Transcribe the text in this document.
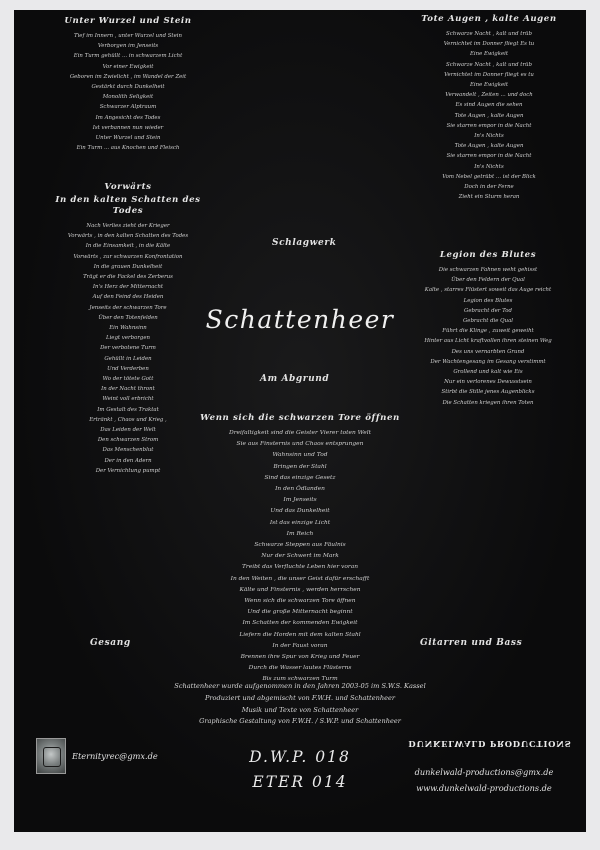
Unter Wurzel und Stein
Tief im Innern , unter Wurzel und Stein
Verborgen im Jenseits
Ein Turm gehüllt ... in schwarzem Licht
Vor einer Ewigkeit
Geboren im Zwielicht , im Wandel der Zeit
Gestärkt durch Dunkelheit
Monolith Seligkeit
Schwarzer Alptraum
Im Angesicht des Todes
Ist verbannen nun wieder
Unter Wurzel und Stein
Ein Turm ... aus Knochen und Fleisch
Vorwärts
In den kalten Schatten des Todes
Nach Verlies zieht der Krieger
Vorwärts , in den kalten Schatten des Todes
In die Einsamkeit , in die Kälte
Vorwärts , zur schwarzen Konfrontation
In die grauen Dunkelheit
Trägt er die Fackel des Zerberus
In's Herz der Mitternacht
Auf den Feind des Heiden
Jenseits der schwarzen Tore
Über den Totenfelden
Ein Wahnsinn
Liegt verborgen
Der verbotene Turm
Gehüllt in Leiden
Und Verderben
Wo der tötete Gott
In der Nacht thront
Weint voll erbricht
Im Gestalt des Traktat
Ertränkt , Chaos und Krieg ,
Das Leiden der Welt
Den schwarzen Strom
Das Menschenblut
Der in den Adern
Der Vernichtung pumpt
Tote Augen , kalte Augen
Schwarze Nacht , kalt und trüb
Vernichtet im Donner fliegt Es tu
Eine Ewigkeit
Schwarze Nacht , kalt und trüb
Vernichtet im Donner fliegt es tu
Eine Ewigkeit
Verwandelt , Zeiten ... und doch
Es sind Augen die sehen
Tote Augen , kalte Augen
Sie starren empor in die Nacht
In's Nichts
Tote Augen , kalte Augen
Sie starren empor in die Nacht
In's Nichts
Vom Nebel getrübt ... ist der Blick
Doch in der Ferne
Zieht ein Sturm heran
Legion des Blutes
Die schwarzen Fahnen weht gehisst
Über den Feldern der Qual
Kalte , starres Flüstert soweit das Auge reicht
Legion des Blutes
Gebracht der Tod
Gebracht die Qual
Führt die Klinge , zuweit geweiht
Hinter aus Licht kraftvollen ihren steinen Weg
Des uns vernarbten Grund
Der Wachtengesang im Gesang verstimmt
Grollend und kalt wie Eis
Nur ein verlorenes Dewusstsein
Stirbt die Stille jenes Augenblicks
Die Schatten kriegen ihren Toten
Schlagwerk
Schattenheer
Am Abgrund
Wenn sich die schwarzen Tore öffnen
Dreifaltigkeit sind die Geister Vierer toten Welt
Sie aus Finsternis und Chaos entsprungen
Wahnsinn und Tod
Bringen der Stahl
Sind das einzige Gesetz
In den Ödlanden
Im Jenseits
Und das Dunkelheit
Ist das einzige Licht
Im Reich
Schwarze Steppen aus Fäulnis
Nur der Schwert im Mark
Treibt das Verfluchte Leben hier voran
In den Weiten , die unser Geist dafür erschafft
Kälte und Finsternis , werden herrschen
Wenn sich die schwarzen Tore öffnen
Und die große Mitternacht beginnt
Im Schatten der kommenden Ewigkeit
Liefern die Horden mit dem kalten Stahl
In der Faust voran
Brennen ihre Spur von Krieg und Feuer
Durch die Wasser lautes Flüsterns
Bis zum schwarzen Turm
Gesang	Gitarren und Bass
Schattenheer wurde aufgenommen in den Jahren 2003-05 im S.W.S. Kassel
Produziert und abgemischt von F.W.H. und Schattenheer
Musik und Texte von Schattenheer
Graphische Gestaltung von F.W.H. / S.W.P. und Schattenheer
Eternityrec@gmx.de	D.W.P. 018
ETER 014
DUNKELWALD PRODUCTIONS
dunkelwald-productions@gmx.de
www.dunkelwald-productions.de
